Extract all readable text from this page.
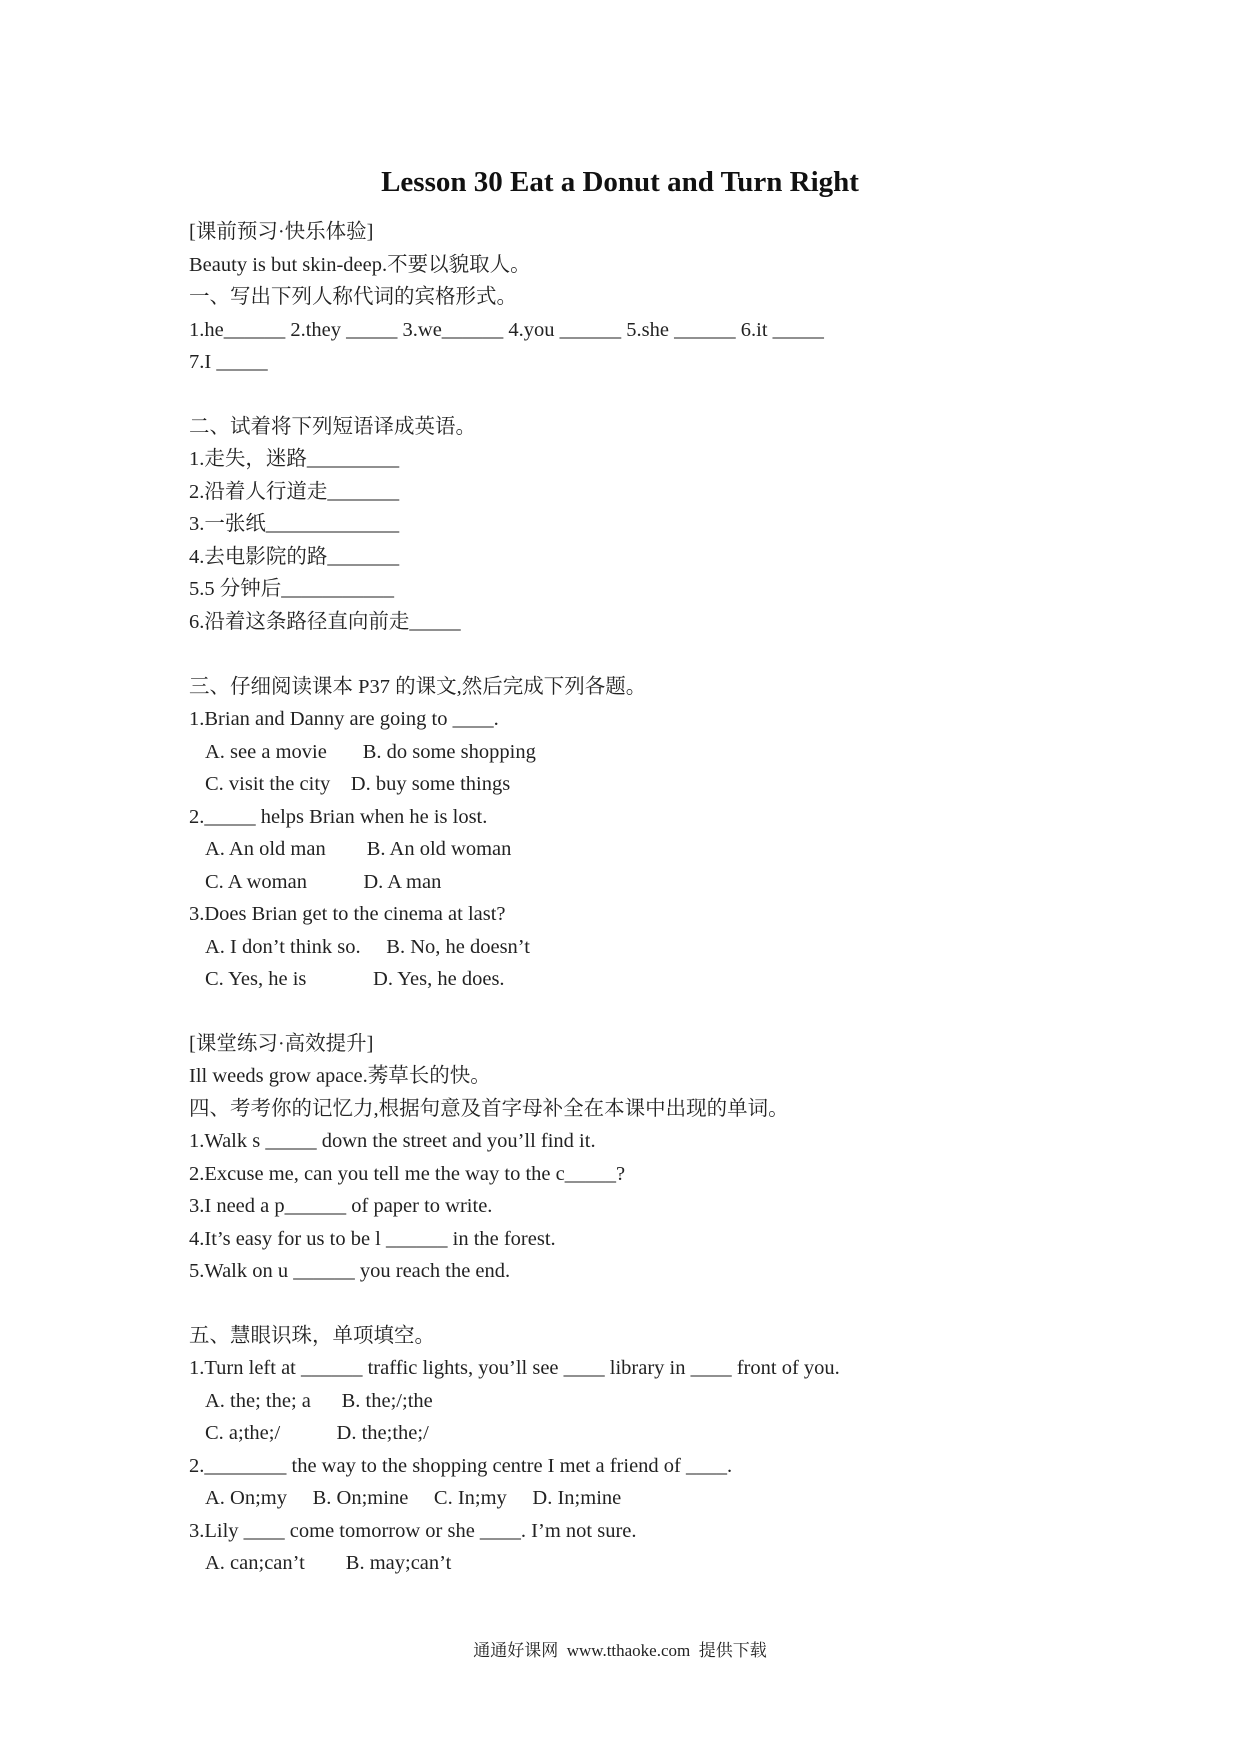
Lesson 30 Eat a Donut and Turn Right
[课前预习·快乐体验]
Beauty is but skin-deep.不要以貌取人。
一、写出下列人称代词的宾格形式。
1.he______ 2.they _____ 3.we______ 4.you ______ 5.she ______ 6.it _____
7.I _____
二、试着将下列短语译成英语。
1.走失，迷路_________
2.沿着人行道走_______
3.一张纸_____________
4.去电影院的路_______
5.5 分钟后___________
6.沿着这条路径直向前走_____
三、仔细阅读课本 P37 的课文,然后完成下列各题。
1.Brian and Danny are going to ____.
A. see a movie       B. do some shopping
C. visit the city    D. buy some things
2._____ helps Brian when he is lost.
A. An old man        B. An old woman
C. A woman           D. A man
3.Does Brian get to the cinema at last?
A. I don’t think so.     B. No, he doesn’t
C. Yes, he is             D. Yes, he does.
[课堂练习·高效提升]
Ill weeds grow apace.莠草长的快。
四、考考你的记忆力,根据句意及首字母补全在本课中出现的单词。
1.Walk s _____ down the street and you’ll find it.
2.Excuse me, can you tell me the way to the c_____?
3.I need a p______ of paper to write.
4.It’s easy for us to be l ______ in the forest.
5.Walk on u ______ you reach the end.
五、慧眼识珠，单项填空。
1.Turn left at ______ traffic lights, you’ll see ____ library in ____ front of you.
A. the; the; a      B. the;/;the
C. a;the;/           D. the;the;/
2.________ the way to the shopping centre I met a friend of ____.
A. On;my     B. On;mine     C. In;my     D. In;mine
3.Lily ____ come tomorrow or she ____. I’m not sure.
A. can;can’t        B. may;can’t
通通好课网  www.tthaoke.com  提供下载
